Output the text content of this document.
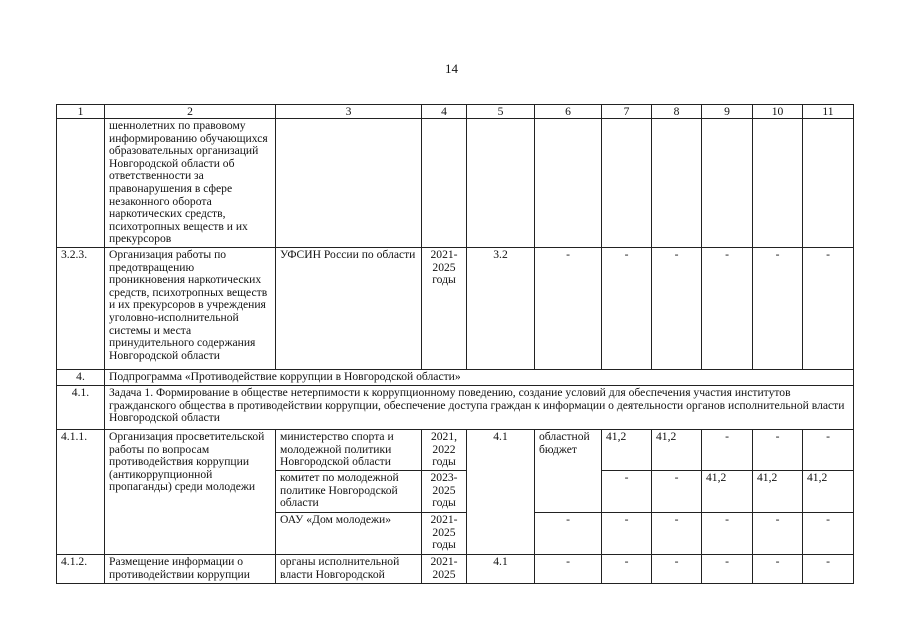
14
1	2	3	4	5	6	7	8	9	10	11
	шеннолетних по правовому информированию обучающихся образовательных организаций Новгородской области об ответственности за правонарушения в сфере незаконного оборота наркотических средств, психотропных веществ и их прекурсоров									
3.2.3.	Организация работы по предотвращению проникновения наркотических средств, психотропных веществ и их прекурсоров в учреждения уголовно-исполнительной системы и места принудительного содержания Новгородской области	УФСИН России по области	2021-2025 годы	3.2	-	-	-	-	-	-
4.	Подпрограмма «Противодействие коррупции в Новгородской области»									
4.1.	Задача 1. Формирование в обществе нетерпимости к коррупционному поведению, создание условий для обеспечения участия институтов гражданского общества в противодействии коррупции, обеспечение доступа граждан к информации о деятельности органов исполнительной власти Новгородской области									
4.1.1.	Организация просветительской работы по вопросам противодействия коррупции (антикоррупционной пропаганды) среди молодежи	министерство спорта и молодежной политики Новгородской области	2021, 2022 годы	4.1	областной бюджет	41,2	41,2	-	-	-
		комитет по молодежной политике Новгородской области	2023-2025 годы			-	-	41,2	41,2	41,2
		ОАУ «Дом молодежи»	2021-2025 годы		-	-	-	-	-	-
4.1.2.	Размещение информации о противодействии коррупции	органы исполнительной власти Новгородской	2021-2025	4.1	-	-	-	-	-	-
